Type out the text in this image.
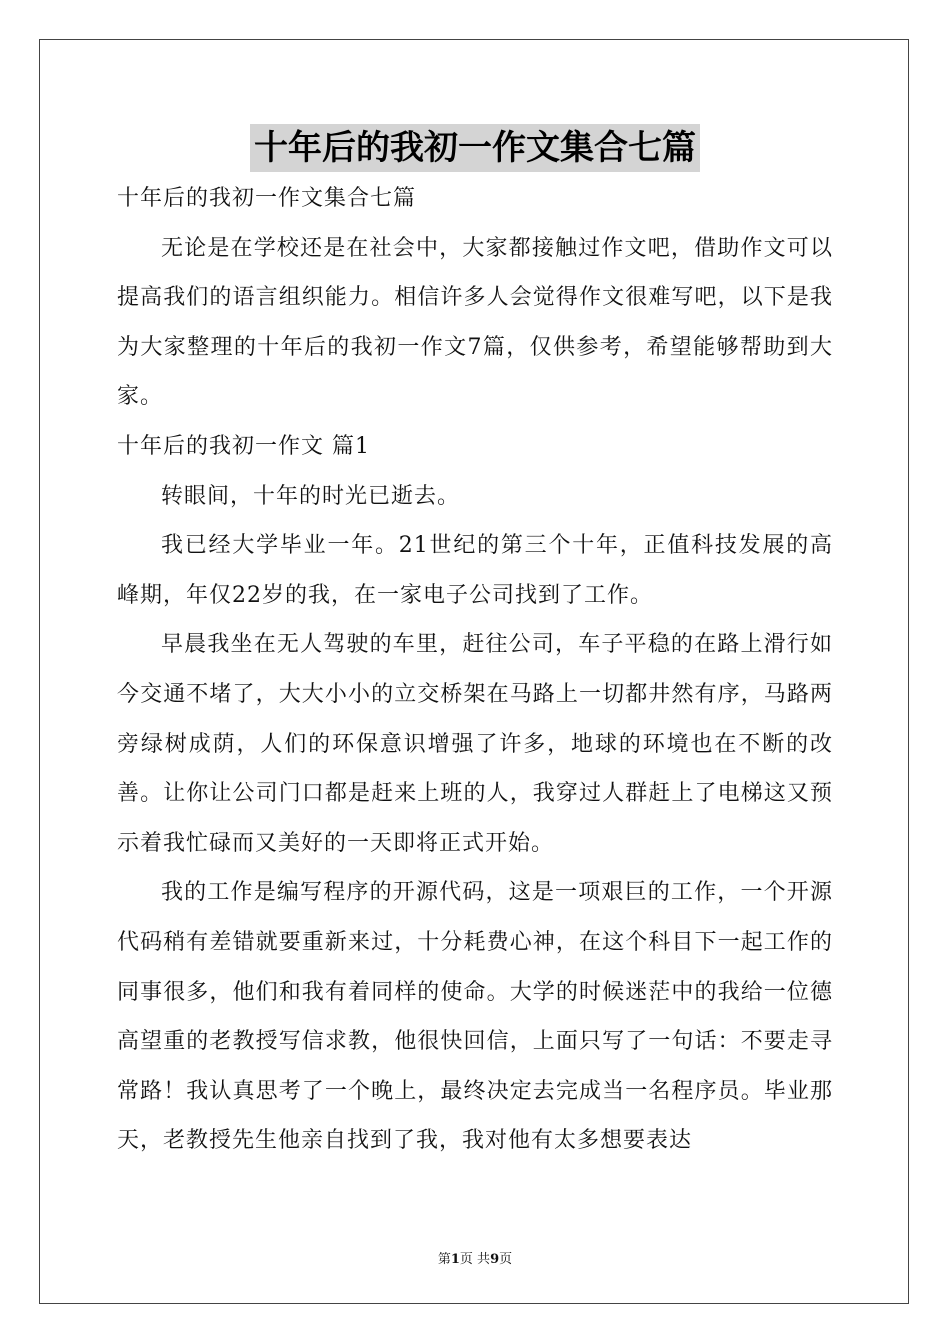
十年后的我初一作文集合七篇

十年后的我初一作文集合七篇

无论是在学校还是在社会中，大家都接触过作文吧，借助作文可以提高我们的语言组织能力。相信许多人会觉得作文很难写吧，以下是我为大家整理的十年后的我初一作文7篇，仅供参考，希望能够帮助到大家。

十年后的我初一作文 篇1

转眼间，十年的时光已逝去。

我已经大学毕业一年。21世纪的第三个十年，正值科技发展的高峰期，年仅22岁的我，在一家电子公司找到了工作。

早晨我坐在无人驾驶的车里，赶往公司，车子平稳的在路上滑行如今交通不堵了，大大小小的立交桥架在马路上一切都井然有序，马路两旁绿树成荫，人们的环保意识增强了许多，地球的环境也在不断的改善。让你让公司门口都是赶来上班的人，我穿过人群赶上了电梯这又预示着我忙碌而又美好的一天即将正式开始。

我的工作是编写程序的开源代码，这是一项艰巨的工作，一个开源代码稍有差错就要重新来过，十分耗费心神，在这个科目下一起工作的同事很多，他们和我有着同样的使命。大学的时候迷茫中的我给一位德高望重的老教授写信求教，他很快回信，上面只写了一句话：不要走寻常路！我认真思考了一个晚上，最终决定去完成当一名程序员。毕业那天，老教授先生他亲自找到了我，我对他有太多想要表达

第1页 共9页
